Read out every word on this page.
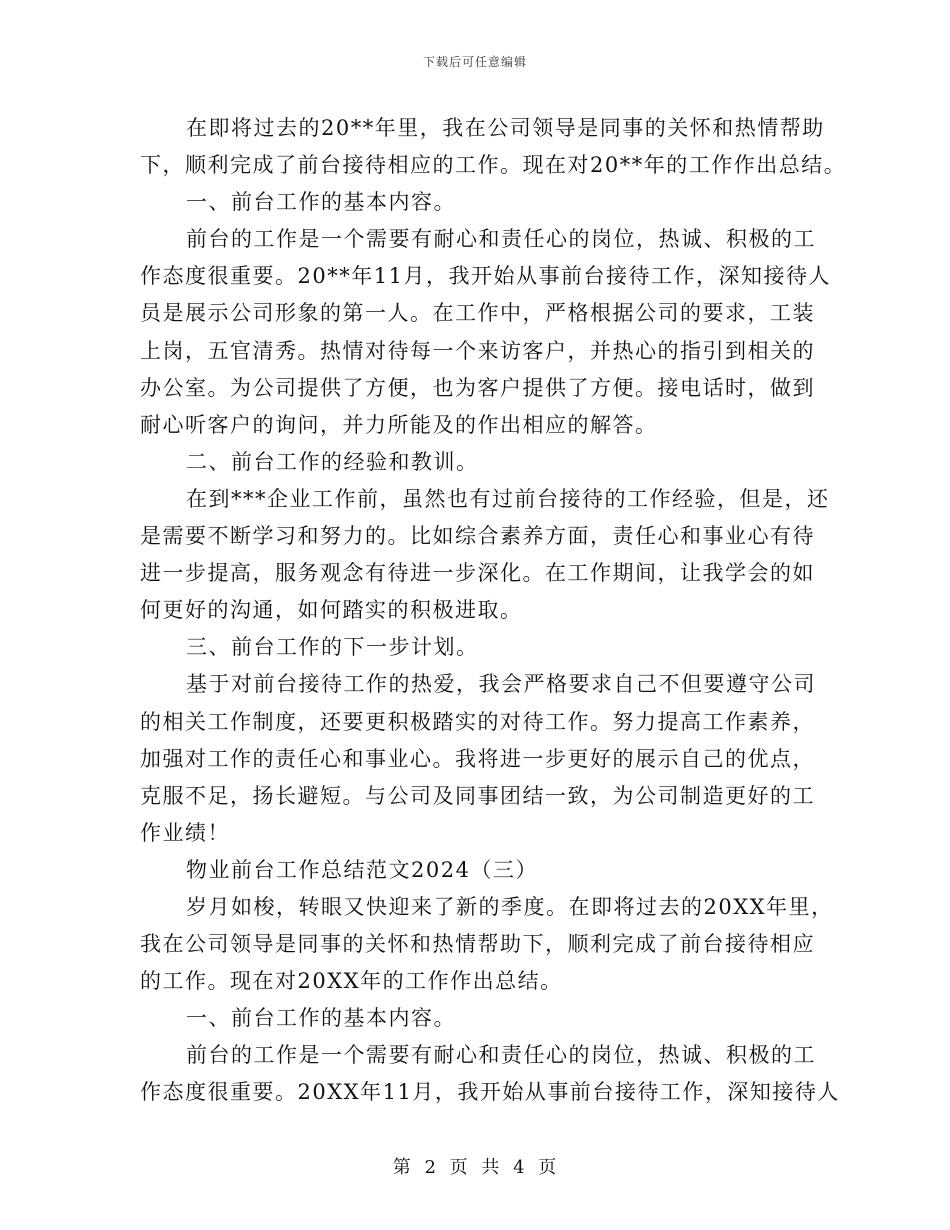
下载后可任意编辑
在即将过去的20**年里，我在公司领导是同事的关怀和热情帮助
下，顺利完成了前台接待相应的工作。现在对20**年的工作作出总结。
一、前台工作的基本内容。
前台的工作是一个需要有耐心和责任心的岗位，热诚、积极的工
作态度很重要。20**年11月，我开始从事前台接待工作，深知接待人
员是展示公司形象的第一人。在工作中，严格根据公司的要求，工装
上岗，五官清秀。热情对待每一个来访客户，并热心的指引到相关的
办公室。为公司提供了方便，也为客户提供了方便。接电话时，做到
耐心听客户的询问，并力所能及的作出相应的解答。
二、前台工作的经验和教训。
在到***企业工作前，虽然也有过前台接待的工作经验，但是，还
是需要不断学习和努力的。比如综合素养方面，责任心和事业心有待
进一步提高，服务观念有待进一步深化。在工作期间，让我学会的如
何更好的沟通，如何踏实的积极进取。
三、前台工作的下一步计划。
基于对前台接待工作的热爱，我会严格要求自己不但要遵守公司
的相关工作制度，还要更积极踏实的对待工作。努力提高工作素养，
加强对工作的责任心和事业心。我将进一步更好的展示自己的优点，
克服不足，扬长避短。与公司及同事团结一致，为公司制造更好的工
作业绩！
物业前台工作总结范文2024（三）
岁月如梭，转眼又快迎来了新的季度。在即将过去的20XX年里，
我在公司领导是同事的关怀和热情帮助下，顺利完成了前台接待相应
的工作。现在对20XX年的工作作出总结。
一、前台工作的基本内容。
前台的工作是一个需要有耐心和责任心的岗位，热诚、积极的工
作态度很重要。20XX年11月，我开始从事前台接待工作，深知接待人
第 2 页 共 4 页
